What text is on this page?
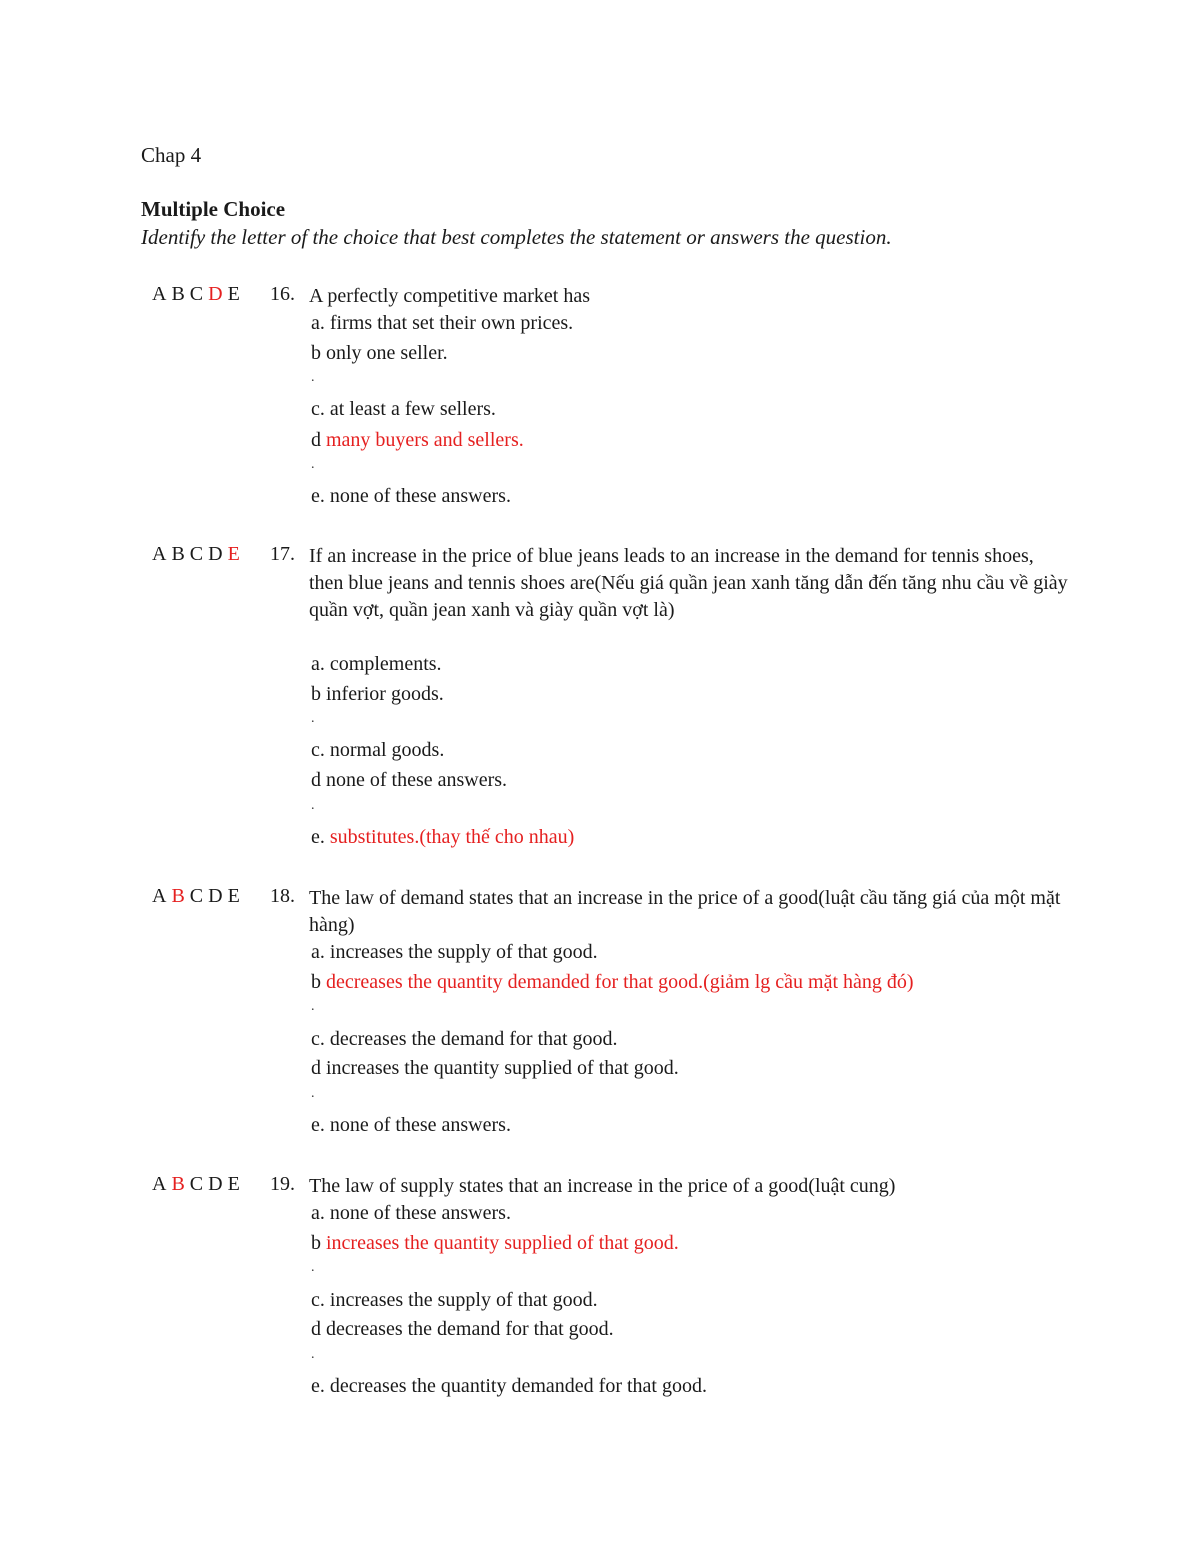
Chap 4
Multiple Choice
Identify the letter of the choice that best completes the statement or answers the question.
A B C D E 16. A perfectly competitive market has
a. firms that set their own prices.
b only one seller.
c. at least a few sellers.
d many buyers and sellers.
e. none of these answers.
.
.
A B C D E 17. If an increase in the price of blue jeans leads to an increase in the demand for tennis shoes, then blue jeans and tennis shoes are(Nếu giá quần jean xanh tăng dẫn đến tăng nhu cầu về giày quần vợt, quần jean xanh và giày quần vợt là)
a. complements.
b inferior goods.
c. normal goods.
d none of these answers.
e. substitutes.(thay thế cho nhau)
.
.
A B C D E 18. The law of demand states that an increase in the price of a good(luật cầu tăng giá của một mặt hàng)
a. increases the supply of that good.
b decreases the quantity demanded for that good.(giảm lg cầu mặt hàng đó)
c. decreases the demand for that good.
d increases the quantity supplied of that good.
e. none of these answers.
.
.
A B C D E 19. The law of supply states that an increase in the price of a good(luật cung)
a. none of these answers.
b increases the quantity supplied of that good.
c. increases the supply of that good.
d decreases the demand for that good.
e. decreases the quantity demanded for that good.
.
.
